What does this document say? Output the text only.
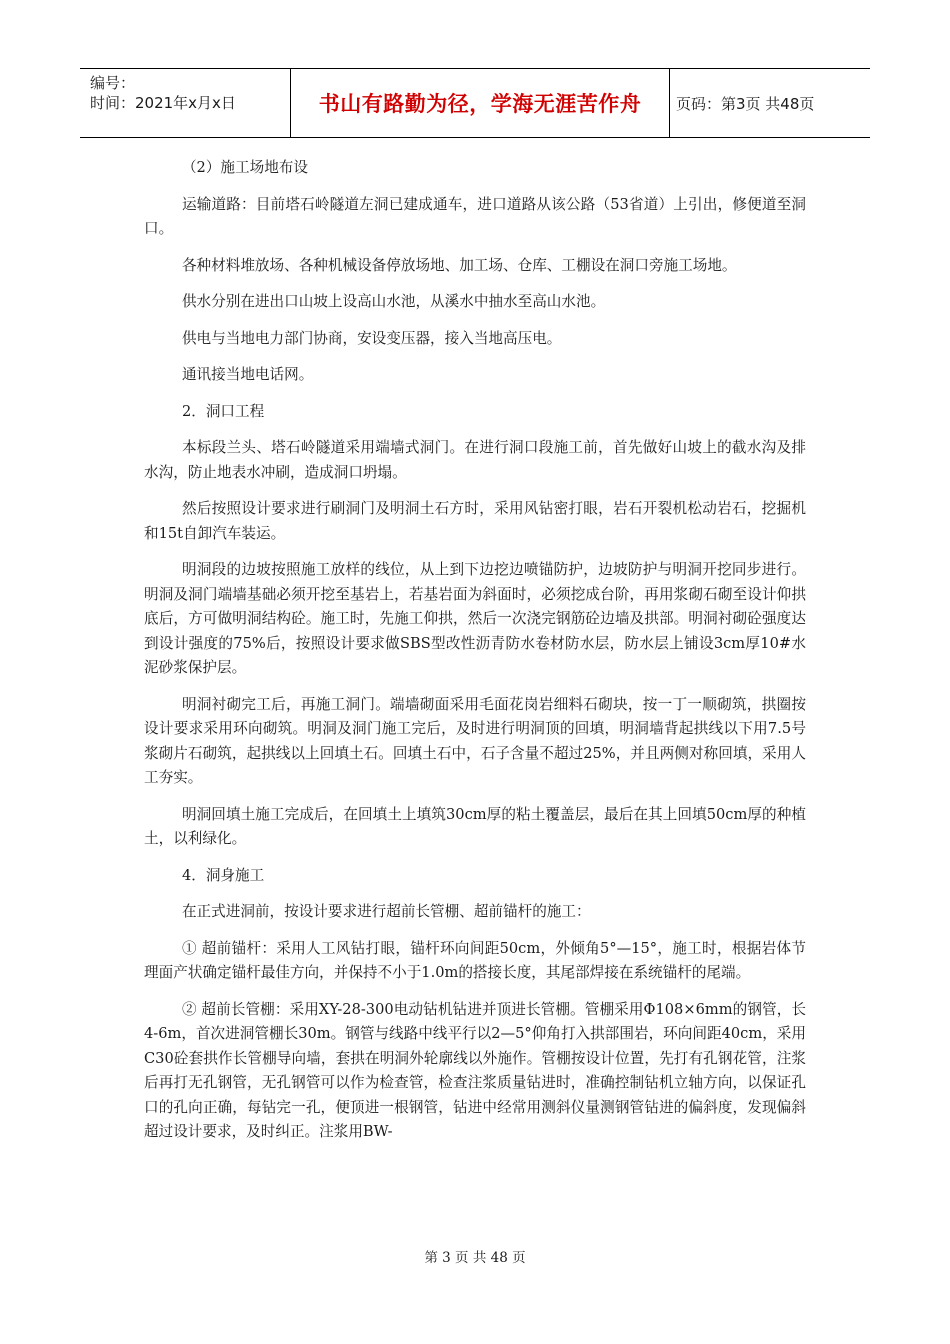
编号：
时间：2021年x月x日	书山有路勤为径，学海无涯苦作舟	页码：第3页 共48页

（2）施工场地布设

运输道路：目前塔石岭隧道左洞已建成通车，进口道路从该公路（53省道）上引出，修便道至洞口。

各种材料堆放场、各种机械设备停放场地、加工场、仓库、工棚设在洞口旁施工场地。

供水分别在进出口山坡上设高山水池，从溪水中抽水至高山水池。

供电与当地电力部门协商，安设变压器，接入当地高压电。

通讯接当地电话网。

2．洞口工程

本标段兰头、塔石岭隧道采用端墙式洞门。在进行洞口段施工前，首先做好山坡上的截水沟及排水沟，防止地表水冲刷，造成洞口坍塌。

然后按照设计要求进行刷洞门及明洞土石方时，采用风钻密打眼，岩石开裂机松动岩石，挖掘机和15t自卸汽车装运。

明洞段的边坡按照施工放样的线位，从上到下边挖边喷锚防护，边坡防护与明洞开挖同步进行。明洞及洞门端墙基础必须开挖至基岩上，若基岩面为斜面时，必须挖成台阶，再用浆砌石砌至设计仰拱底后，方可做明洞结构砼。施工时，先施工仰拱，然后一次浇完钢筋砼边墙及拱部。明洞衬砌砼强度达到设计强度的75%后，按照设计要求做SBS型改性沥青防水卷材防水层，防水层上铺设3cm厚10#水泥砂浆保护层。

明洞衬砌完工后，再施工洞门。端墙砌面采用毛面花岗岩细料石砌块，按一丁一顺砌筑，拱圈按设计要求采用环向砌筑。明洞及洞门施工完后，及时进行明洞顶的回填，明洞墙背起拱线以下用7.5号浆砌片石砌筑，起拱线以上回填土石。回填土石中，石子含量不超过25%，并且两侧对称回填，采用人工夯实。

明洞回填土施工完成后，在回填土上填筑30cm厚的粘土覆盖层，最后在其上回填50cm厚的种植土，以利绿化。

4．洞身施工

在正式进洞前，按设计要求进行超前长管棚、超前锚杆的施工：

① 超前锚杆：采用人工风钻打眼，锚杆环向间距50cm，外倾角5°—15°，施工时，根据岩体节理面产状确定锚杆最佳方向，并保持不小于1.0m的搭接长度，其尾部焊接在系统锚杆的尾端。

② 超前长管棚：采用XY-28-300电动钻机钻进并顶进长管棚。管棚采用Φ108×6mm的钢管，长4-6m，首次进洞管棚长30m。钢管与线路中线平行以2—5°仰角打入拱部围岩，环向间距40cm，采用C30砼套拱作长管棚导向墙，套拱在明洞外轮廓线以外施作。管棚按设计位置，先打有孔钢花管，注浆后再打无孔钢管，无孔钢管可以作为检查管，检查注浆质量钻进时，准确控制钻机立轴方向，以保证孔口的孔向正确，每钻完一孔，便顶进一根钢管，钻进中经常用测斜仪量测钢管钻进的偏斜度，发现偏斜超过设计要求，及时纠正。注浆用BW-

第 3 页 共 48 页
